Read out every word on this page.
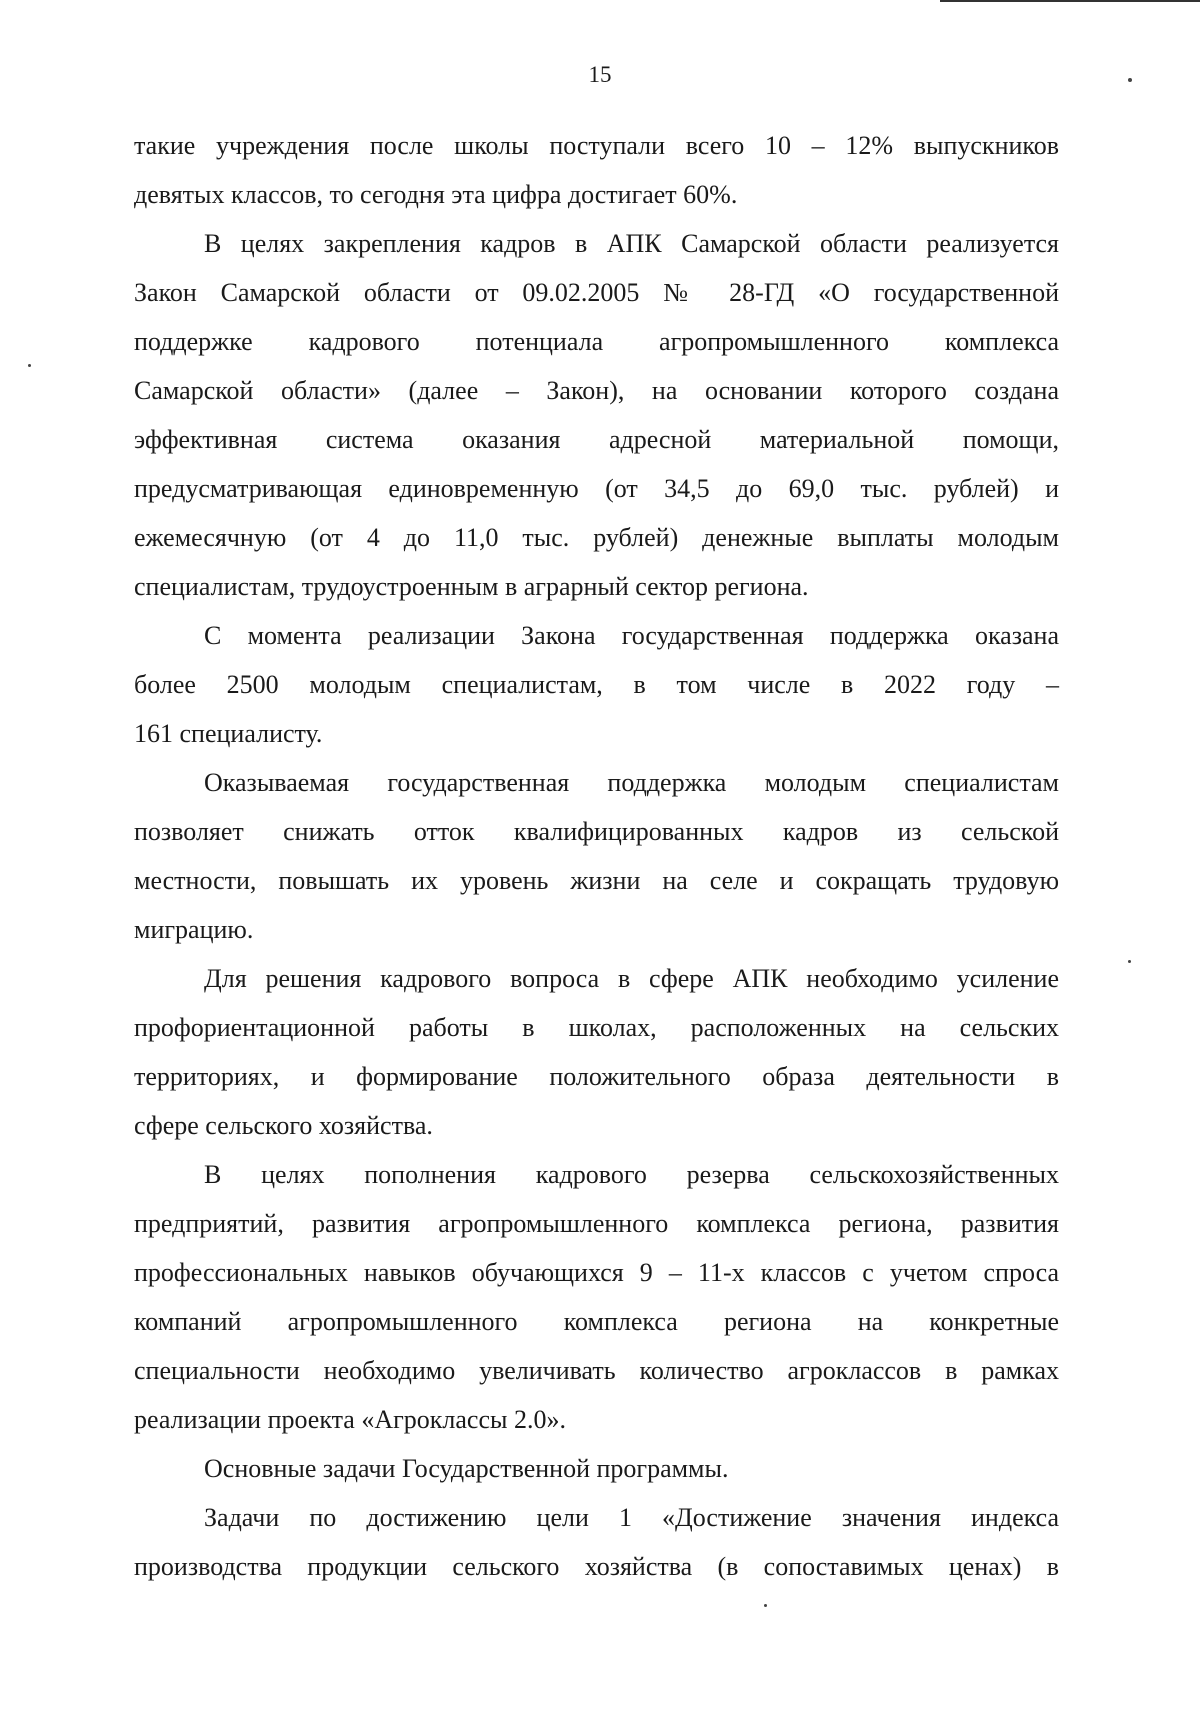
15
такие учреждения после школы поступали всего 10 – 12% выпускников
девятых классов, то сегодня эта цифра достигает 60%.
В целях закрепления кадров в АПК Самарской области реализуется
Закон Самарской области от 09.02.2005 № 28-ГД «О государственной
поддержке кадрового потенциала агропромышленного комплекса
Самарской области» (далее – Закон), на основании которого создана
эффективная система оказания адресной материальной помощи,
предусматривающая единовременную (от 34,5 до 69,0 тыс. рублей) и
ежемесячную (от 4 до 11,0 тыс. рублей) денежные выплаты молодым
специалистам, трудоустроенным в аграрный сектор региона.
С момента реализации Закона государственная поддержка оказана
более 2500 молодым специалистам, в том числе в 2022 году –
161 специалисту.
Оказываемая государственная поддержка молодым специалистам
позволяет снижать отток квалифицированных кадров из сельской
местности, повышать их уровень жизни на селе и сокращать трудовую
миграцию.
Для решения кадрового вопроса в сфере АПК необходимо усиление
профориентационной работы в школах, расположенных на сельских
территориях, и формирование положительного образа деятельности в
сфере сельского хозяйства.
В целях пополнения кадрового резерва сельскохозяйственных
предприятий, развития агропромышленного комплекса региона, развития
профессиональных навыков обучающихся 9 – 11-х классов с учетом спроса
компаний агропромышленного комплекса региона на конкретные
специальности необходимо увеличивать количество агроклассов в рамках
реализации проекта «Агроклассы 2.0».
Основные задачи Государственной программы.
Задачи по достижению цели 1 «Достижение значения индекса
производства продукции сельского хозяйства (в сопоставимых ценах) в
